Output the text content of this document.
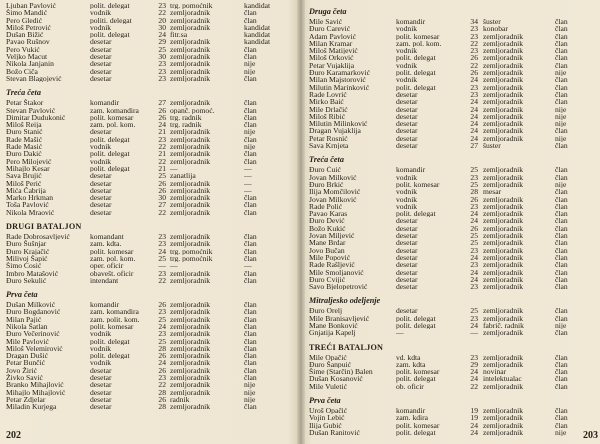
Ljuban Pavlović	polit. delegat	23 trg. pomoćnik	kandidat
Šimo Mandić	vodnik	22 zemljoradnik	član
Pero Gledić	politi. delegat	20 zemljoradnik	član
Miloš Petrović	vodnik	30 zemljoradnik	kandidat
Dušan Bižić	polit. delegat	24 fitr.sa	kandidat
Pavao Rušnov	desetar	29 zemljoradnik	kandidat
Pero Vukić	desetar	25 zemljoradnik	član
Veljko Macut	desetar	30 zemljoradnik	član
Nikola Janjanin	desetar	23 zemljoradnik	nije
Božo Ciča	desetar	23 zemljoradnik	nije
Stevan Blagojević	desetar	23 zemljoradnik	član
Treća četa
Petar Štakor	komandir	27 zemljoradnik	član
Stevan Pavlović	zam. komandira	26 opanč. pomoć.	član
Dimitar Dudukonić	polit. komesar	26 trg. radnik	član
Miloš Reija	zam. pol. kom.	24 trg. radnik	član
Đuro Stanić	desetar	21 zemljoradnik	nije
Rade Mašić	polit. delegat	23 zemljoradnik	član
Rade Masić	vodnik	22 zemljoradnik	nije
Đuro Dakić	polit. delegat	21 zemljoradnik	član
Pero Milojević	vodnik	22 zemljoradnik	član
Mihajlo Kesar	polit. delegat	21 —	—
Sava Brujić	desetar	25 zanatlija	—
Miloš Perić	desetar	26 zemljoradnik	—
Mića Čabrija	desetar	26 zemljoradnik	—
Marko Hrkman	desetar	30 zemljoradnik	član
Toša Pavlović	desetar	27 zemljoradnik	član
Nikola Mraović	desetar	22 zemljoradnik	član
DRUGI BATALJON
Rade Dobrosavljević	komandant	23 zemljoradnik	član
Đuro Šušnjar	zam. kdta.	23 zemljoradnik	član
Đuro Krajačić	polit. komesar	24 trg. pomoćnik	član
Milivoj Šapić	zam. pol. kom.	25 trg. pomoćnik	član
Šimo Ćosić	oper. oficir	— —	—
Imbro Matašović	obavešt. oficir	23 zemljoradnik	član
Đuro Sekulić	intendant	22 zemljoradnik	član
Prva četa
Dušan Milković	komandir	26 zemljoradnik	član
Đuro Bogdanović	zam. komandira	23 zemljoradnik	član
Milan Pajić	zam. polit. kom.	25 zemljoradnik	član
Nikola Šatlan	polit. komesar	24 zemljoradnik	član
Đuro Večerinović	vodnik	23 zemljoradnik	član
Mile Pavlović	polit. delegat	25 zemljoradnik	član
Miloš Velemirović	vodnik	28 zemljoradnik	član
Dragan Dušić	polit. delegat	26 zemljoradnik	član
Petar Bunčić	vodnik	24 zemljoradnik	član
Jovo Žirić	desetar	26 zemljoradnik	član
Živko Savić	desetar	23 zemljoradnik	član
Branko Mihajlović	desetar	22 zemljoradnik	nije
Mihajlo Mihajlović	desetar	28 zemljoradnik	nije
Petar Zdjelar	desetar	26 radnik	nije
Miladin Kurjega	desetar	28 zemljoradnik	član
202
Druga četa
Mile Savić	komandir	34 šuster	član
Đuro Carević	vodnik	23 konobar	član
Adam Pavlović	polit. komesar	23 zemljoradnik	član
Milan Kramar	zam. pol. kom.	22 zemljoradnik	član
Miloš Matijević	vodnik	23 zemljoradnik	član
Miloš Orković	polit. delegat	26 zemljoradnik	član
Petar Vujaklija	vodnik	22 zemljoradnik	član
Đuro Karamarković	polit. delegat	26 zemljoradnik	nije
Milan Majstorović	vodnik	24 zemljoradnik	član
Milutin Marinković	polit. delegat	23 zemljoradnik	član
Rade Lovrić	desetar	23 zemljoradnik	član
Mirko Baić	desetar	24 zemljoradnik	član
Mile Drlačić	desetar	24 zemljoradnik	nije
Miloš Ribić	desetar	24 zemljoradnik	nije
Milutin Milinković	desetar	24 zemljoradnik	nije
Dragan Vujaklija	desetar	24 zemljoradnik	član
Petar Rosnić	desetar	24 zemljoradnik	nije
Sava Krnjeta	desetar	27 šuster	član
Treća četa
Đuro Ćuić	komandir	25 zemljoradnik	član
Jovan Milković	vodnik	23 zemljoradnik	član
Đuro Brkić	polit. komesar	25 zemljoradnik	nije
Ilija Momčilović	vodnik	28 mesar	član
Jovan Milković	vodnik	26 zemljoradnik	član
Rade Polić	vodnik	23 zemljoradnik	član
Pavao Karas	polit. delegat	24 zemljoradnik	član
Đuro Dević	desetar	24 zemljoradnik	član
Božo Kukić	desetar	26 zemljoradnik	član
Jovan Miljević	desetar	25 zemljoradnik	član
Mane Brdar	desetar	25 zemljoradnik	član
Jovo Bučan	desetar	23 zemljoradnik	član
Mile Popović	desetar	24 zemljoradnik	član
Rade Rašljević	desetar	23 zemljoradnik	član
Mile Smoljanović	desetar	24 zemljoradnik	član
Đuro Cvijić	desetar	24 zemljoradnik	član
Savo Bjelopetrović	desetar	23 zemljoradnik	član
Mitraljesko odeljenje
Đuro Orelj	desetar	25 zemljoradnik	član
Mile Branisavljević	polit. delegat	23 zemljoradnik	član
Mane Bonković	polit. delegat	24 fabrič. radnik	nije
Gnjatija Kapelj	—	— zemljoradnik	član
TREĆI BATALJON
Mile Opačić	vd. kdta	23 zemljoradnik	član
Đuro Šanpuić	zam. kdta	29 zemljoradnik	član
Šime (Starčin) Balen	polit. komesar	24 novinar	član
Dušan Kosanović	polit. delegat	24 intelektualac	član
Mile Vuletić	ob. oficir	22 zemljoradnik	član
Prva četa
Uroš Opačić	komandir	19 zemljoradnik	član
Vojin Lebić	zam. kdira	19 zemljoradnik	član
Ilija Gubić	polit. komesar	24 zemljoradnik	član
Dušan Ranitović	polit. delegat	24 zemljoradnik	nije	203
